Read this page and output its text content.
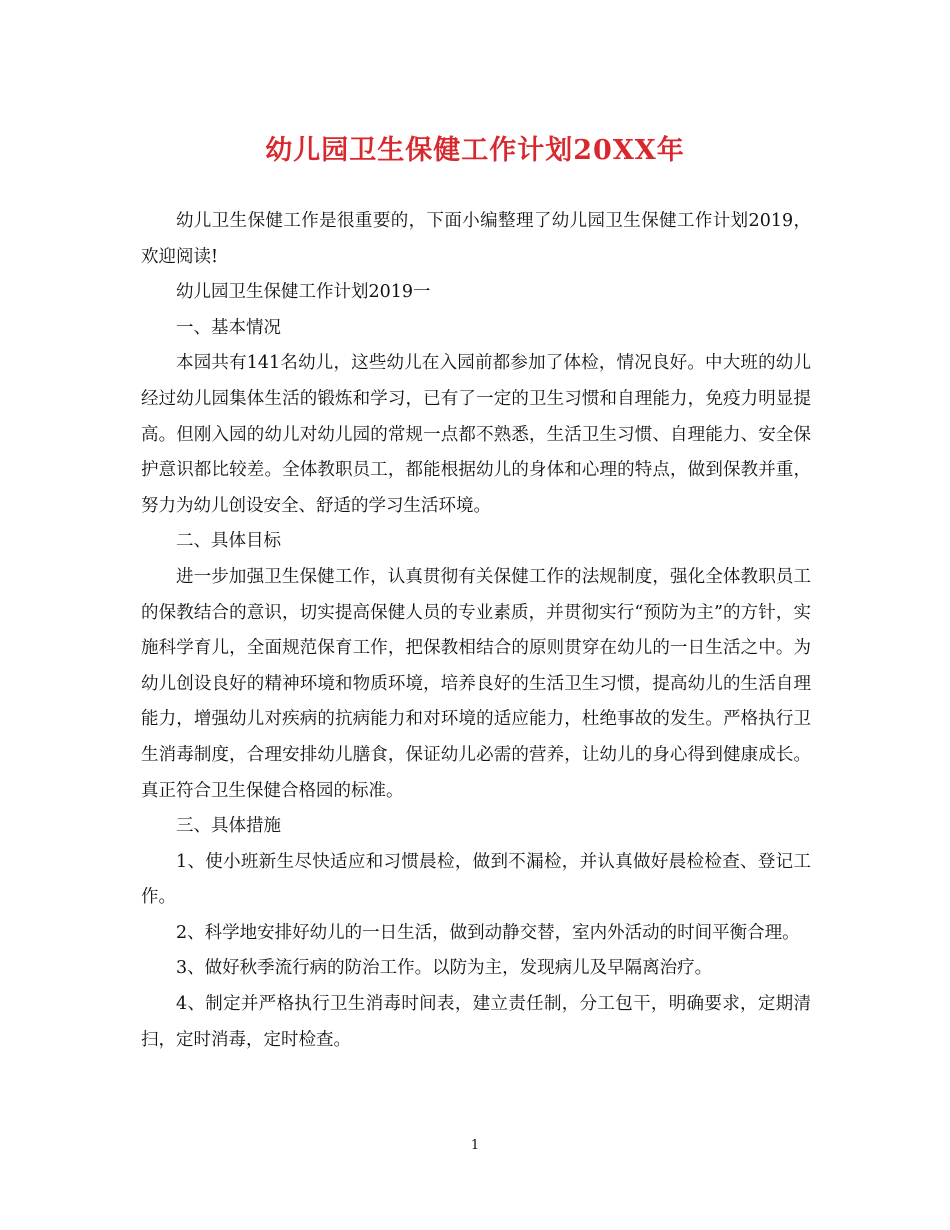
幼儿园卫生保健工作计划20XX年

幼儿卫生保健工作是很重要的，下面小编整理了幼儿园卫生保健工作计划2019，欢迎阅读!

幼儿园卫生保健工作计划2019一

一、基本情况

本园共有141名幼儿，这些幼儿在入园前都参加了体检，情况良好。中大班的幼儿经过幼儿园集体生活的锻炼和学习，已有了一定的卫生习惯和自理能力，免疫力明显提高。但刚入园的幼儿对幼儿园的常规一点都不熟悉，生活卫生习惯、自理能力、安全保护意识都比较差。全体教职员工，都能根据幼儿的身体和心理的特点，做到保教并重，努力为幼儿创设安全、舒适的学习生活环境。

二、具体目标

进一步加强卫生保健工作，认真贯彻有关保健工作的法规制度，强化全体教职员工的保教结合的意识，切实提高保健人员的专业素质，并贯彻实行“预防为主”的方针，实施科学育儿，全面规范保育工作，把保教相结合的原则贯穿在幼儿的一日生活之中。为幼儿创设良好的精神环境和物质环境，培养良好的生活卫生习惯，提高幼儿的生活自理能力，增强幼儿对疾病的抗病能力和对环境的适应能力，杜绝事故的发生。严格执行卫生消毒制度，合理安排幼儿膳食，保证幼儿必需的营养，让幼儿的身心得到健康成长。真正符合卫生保健合格园的标准。

三、具体措施

1、使小班新生尽快适应和习惯晨检，做到不漏检，并认真做好晨检检查、登记工作。

2、科学地安排好幼儿的一日生活，做到动静交替，室内外活动的时间平衡合理。

3、做好秋季流行病的防治工作。以防为主，发现病儿及早隔离治疗。

4、制定并严格执行卫生消毒时间表，建立责任制，分工包干，明确要求，定期清扫，定时消毒，定时检查。

1
